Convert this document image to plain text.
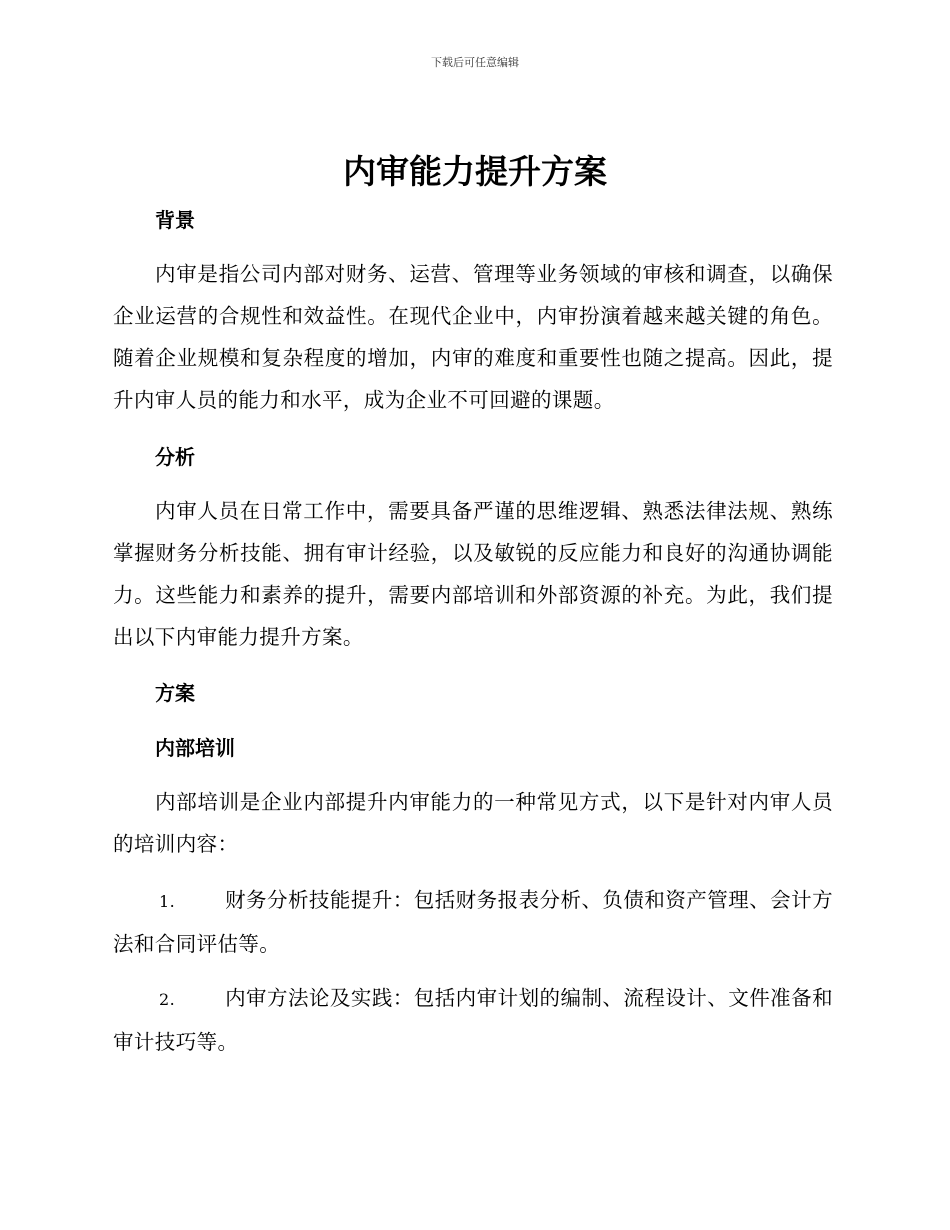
下载后可任意编辑
内审能力提升方案
背景

内审是指公司内部对财务、运营、管理等业务领域的审核和调查，以确保企业运营的合规性和效益性。在现代企业中，内审扮演着越来越关键的角色。随着企业规模和复杂程度的增加，内审的难度和重要性也随之提高。因此，提升内审人员的能力和水平，成为企业不可回避的课题。

分析

内审人员在日常工作中，需要具备严谨的思维逻辑、熟悉法律法规、熟练掌握财务分析技能、拥有审计经验，以及敏锐的反应能力和良好的沟通协调能力。这些能力和素养的提升，需要内部培训和外部资源的补充。为此，我们提出以下内审能力提升方案。

方案
内部培训

内部培训是企业内部提升内审能力的一种常见方式，以下是针对内审人员的培训内容：

1. 财务分析技能提升：包括财务报表分析、负债和资产管理、会计方法和合同评估等。

2. 内审方法论及实践：包括内审计划的编制、流程设计、文件准备和审计技巧等。
